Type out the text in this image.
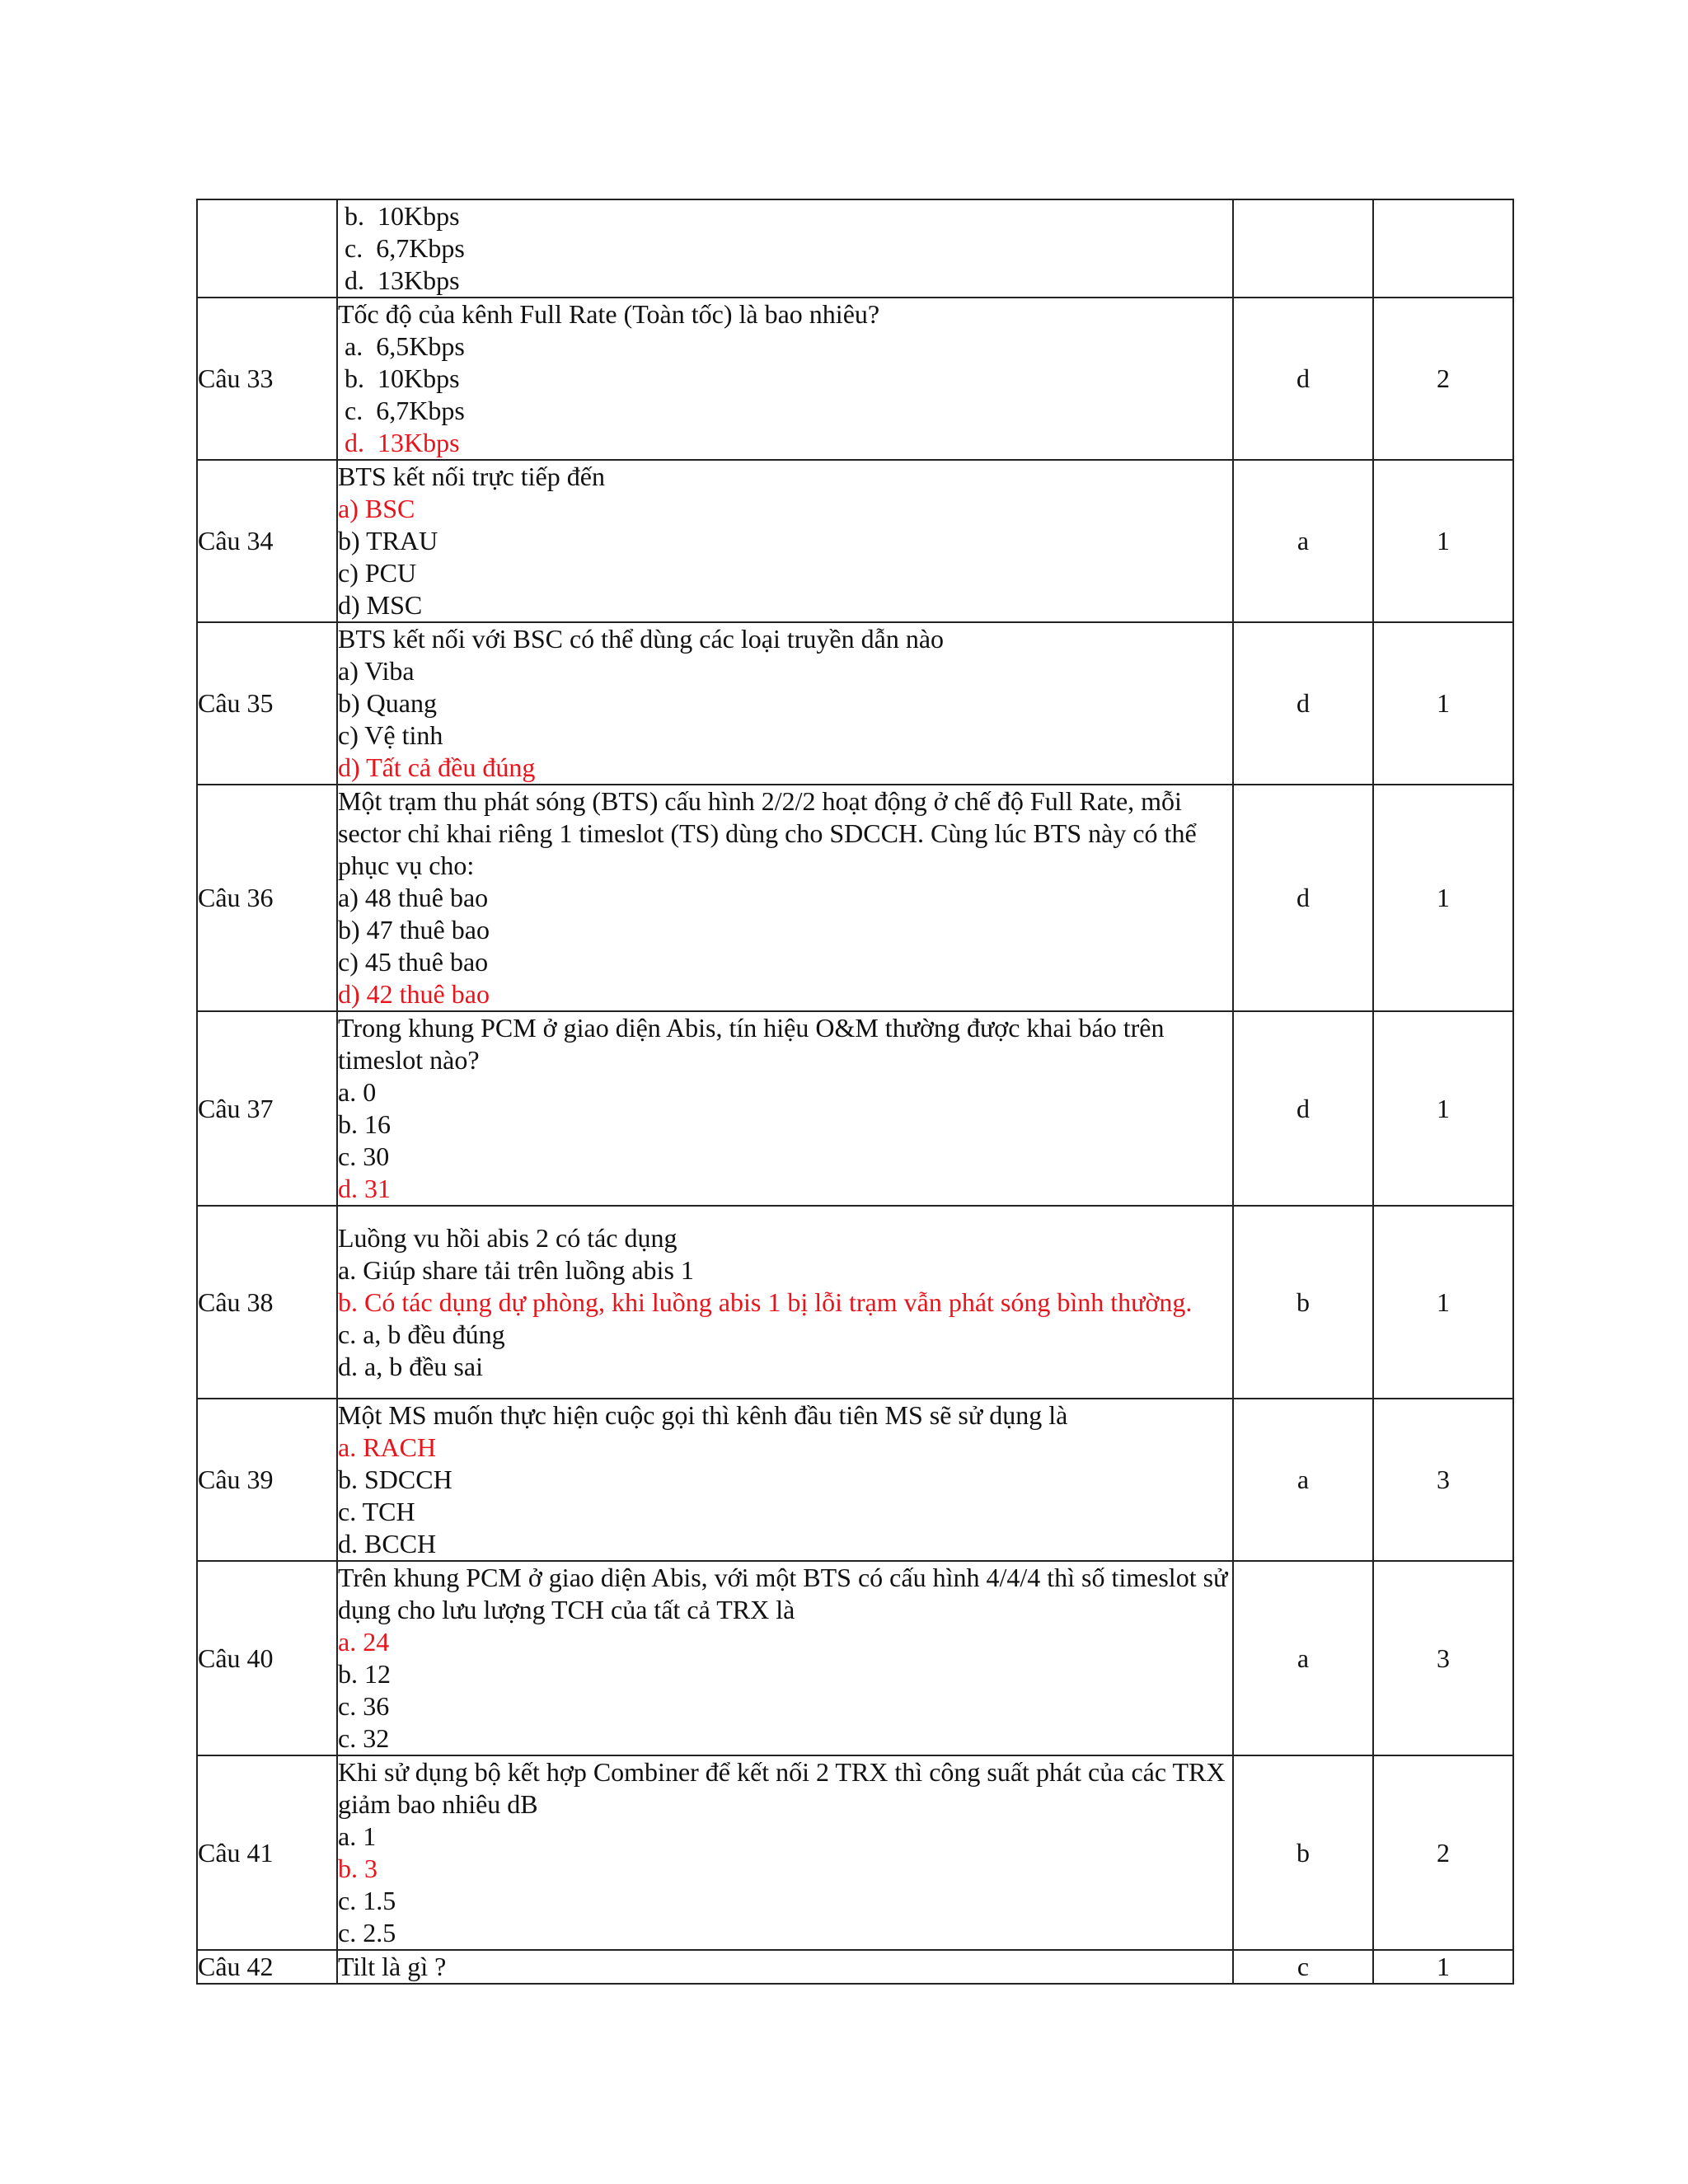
	b.  10Kbps
c.  6,7Kbps
d.  13Kbps		

Câu 33	Tốc độ của kênh Full Rate (Toàn tốc) là bao nhiêu?
a.  6,5Kbps
b.  10Kbps
c.  6,7Kbps
d.  13Kbps	d	2
Câu 34	BTS kết nối trực tiếp đến
a) BSC
b) TRAU
c) PCU
d) MSC	a	1
Câu 35	BTS kết nối với BSC có thể dùng các loại truyền dẫn nào
a) Viba
b) Quang
c) Vệ tinh
d) Tất cả đều đúng	d	1
Câu 36	Một trạm thu phát sóng (BTS) cấu hình 2/2/2 hoạt động ở chế độ Full Rate, mỗi sector chỉ khai riêng 1 timeslot (TS) dùng cho SDCCH. Cùng lúc BTS này có thể phục vụ cho:
a) 48 thuê bao
b) 47 thuê bao
c) 45 thuê bao
d) 42 thuê bao	d	1
Câu 37	Trong khung PCM ở giao diện Abis, tín hiệu O&M thường được khai báo trên timeslot nào?
a. 0
b. 16
c. 30
d. 31	d	1
Câu 38	Luồng vu hồi abis 2 có tác dụng
a. Giúp share tải trên luồng abis 1
b. Có tác dụng dự phòng, khi luồng abis 1 bị lỗi trạm vẫn phát sóng bình thường.
c. a, b đều đúng
d. a, b đều sai	b	1
Câu 39	Một MS muốn thực hiện cuộc gọi thì kênh đầu tiên MS sẽ sử dụng là
a. RACH
b. SDCCH
c. TCH
d. BCCH	a	3
Câu 40	Trên khung PCM ở giao diện Abis, với một BTS có cấu hình 4/4/4 thì số timeslot sử dụng cho lưu lượng TCH của tất cả TRX là
a. 24
b. 12
c. 36
c. 32	a	3
Câu 41	Khi sử dụng bộ kết hợp Combiner để kết nối 2 TRX thì công suất phát của các TRX giảm bao nhiêu dB
a. 1
b. 3
c. 1.5
c. 2.5	b	2
Câu 42	Tilt là gì ?	c	1
